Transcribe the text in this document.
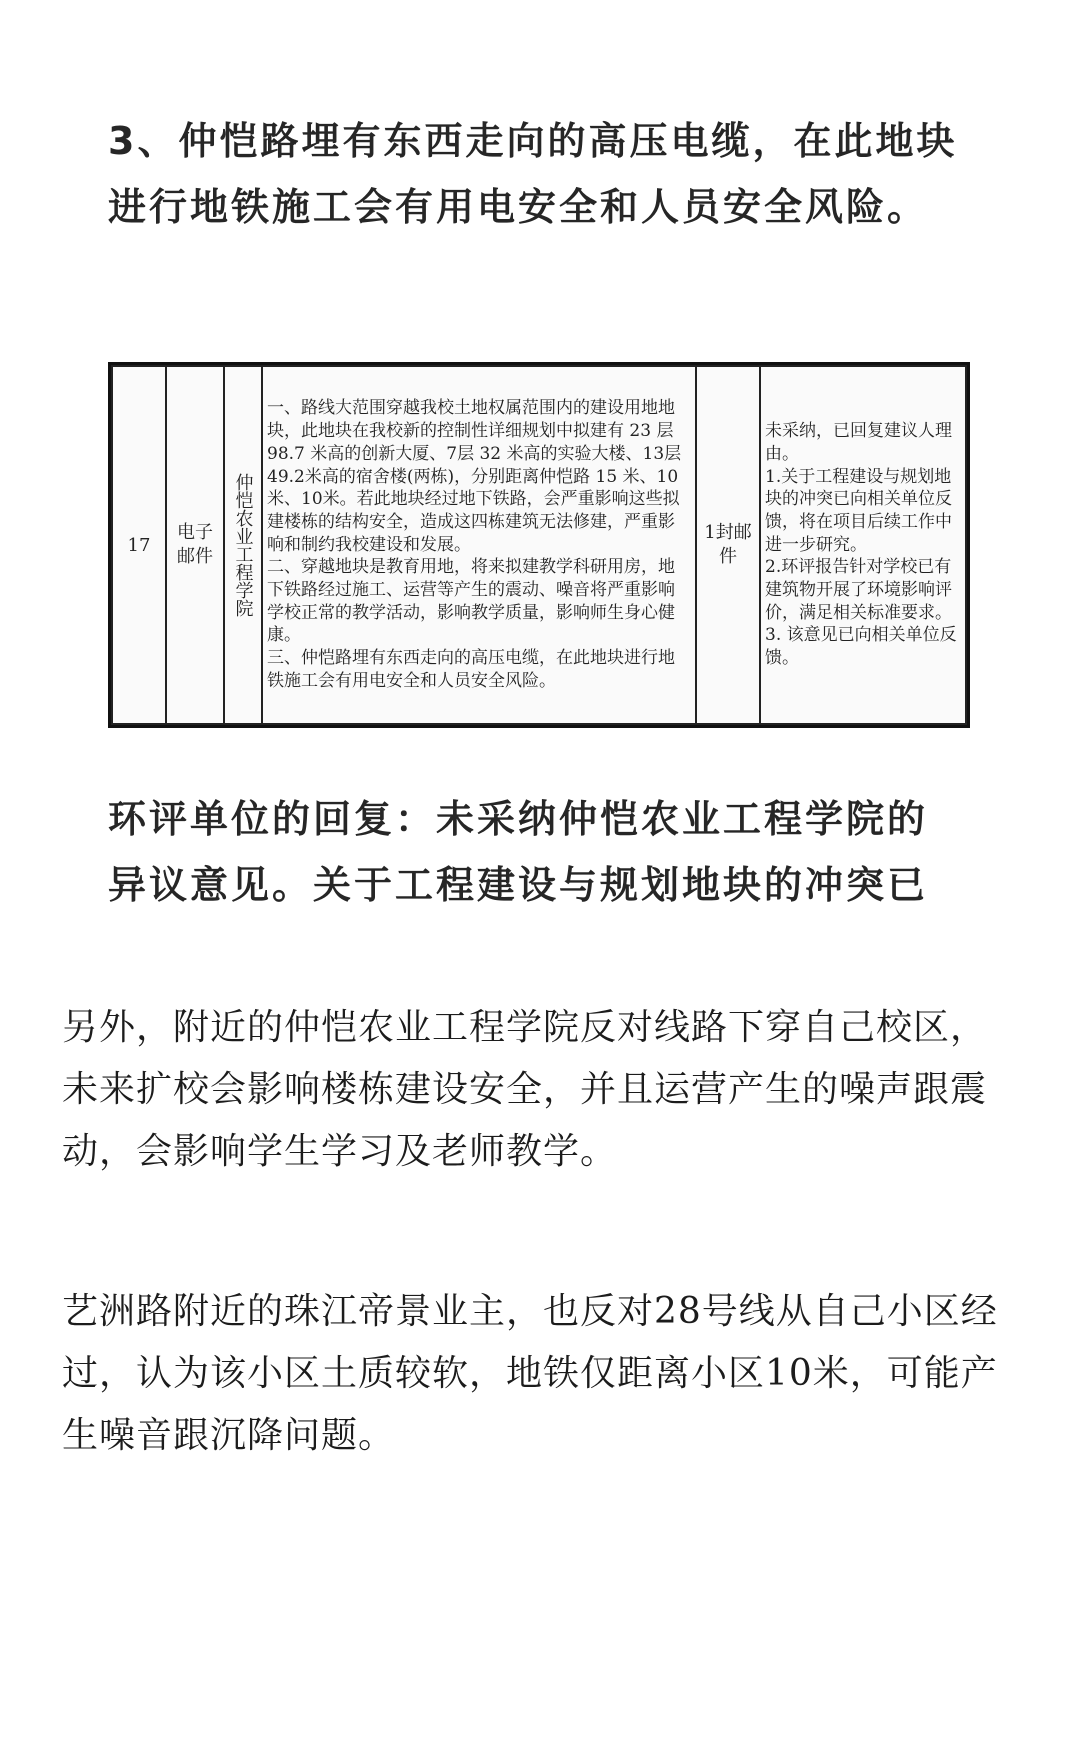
3、仲恺路埋有东西走向的高压电缆，在此地块进行地铁施工会有用电安全和人员安全风险。
17	电子邮件	仲恺农业工程学院	一、路线大范围穿越我校土地权属范围内的建设用地地块，此地块在我校新的控制性详细规划中拟建有 23 层 98.7 米高的创新大厦、7层 32 米高的实验大楼、13层 49.2米高的宿舍楼(两栋)，分别距离仲恺路 15 米、10米、10米。若此地块经过地下铁路，会严重影响这些拟建楼栋的结构安全，造成这四栋建筑无法修建，严重影响和制约我校建设和发展。
二、穿越地块是教育用地，将来拟建教学科研用房，地下铁路经过施工、运营等产生的震动、噪音将严重影响学校正常的教学活动，影响教学质量，影响师生身心健康。
三、仲恺路埋有东西走向的高压电缆，在此地块进行地铁施工会有用电安全和人员安全风险。	1封邮件	未采纳，已回复建议人理由。
1.关于工程建设与规划地块的冲突已向相关单位反馈，将在项目后续工作中进一步研究。
2.环评报告针对学校已有建筑物开展了环境影响评价，满足相关标准要求。
3. 该意见已向相关单位反馈。
环评单位的回复：未采纳仲恺农业工程学院的异议意见。关于工程建设与规划地块的冲突已
另外，附近的仲恺农业工程学院反对线路下穿自己校区，未来扩校会影响楼栋建设安全，并且运营产生的噪声跟震动，会影响学生学习及老师教学。
艺洲路附近的珠江帝景业主，也反对28号线从自己小区经过，认为该小区土质较软，地铁仅距离小区10米，可能产生噪音跟沉降问题。
